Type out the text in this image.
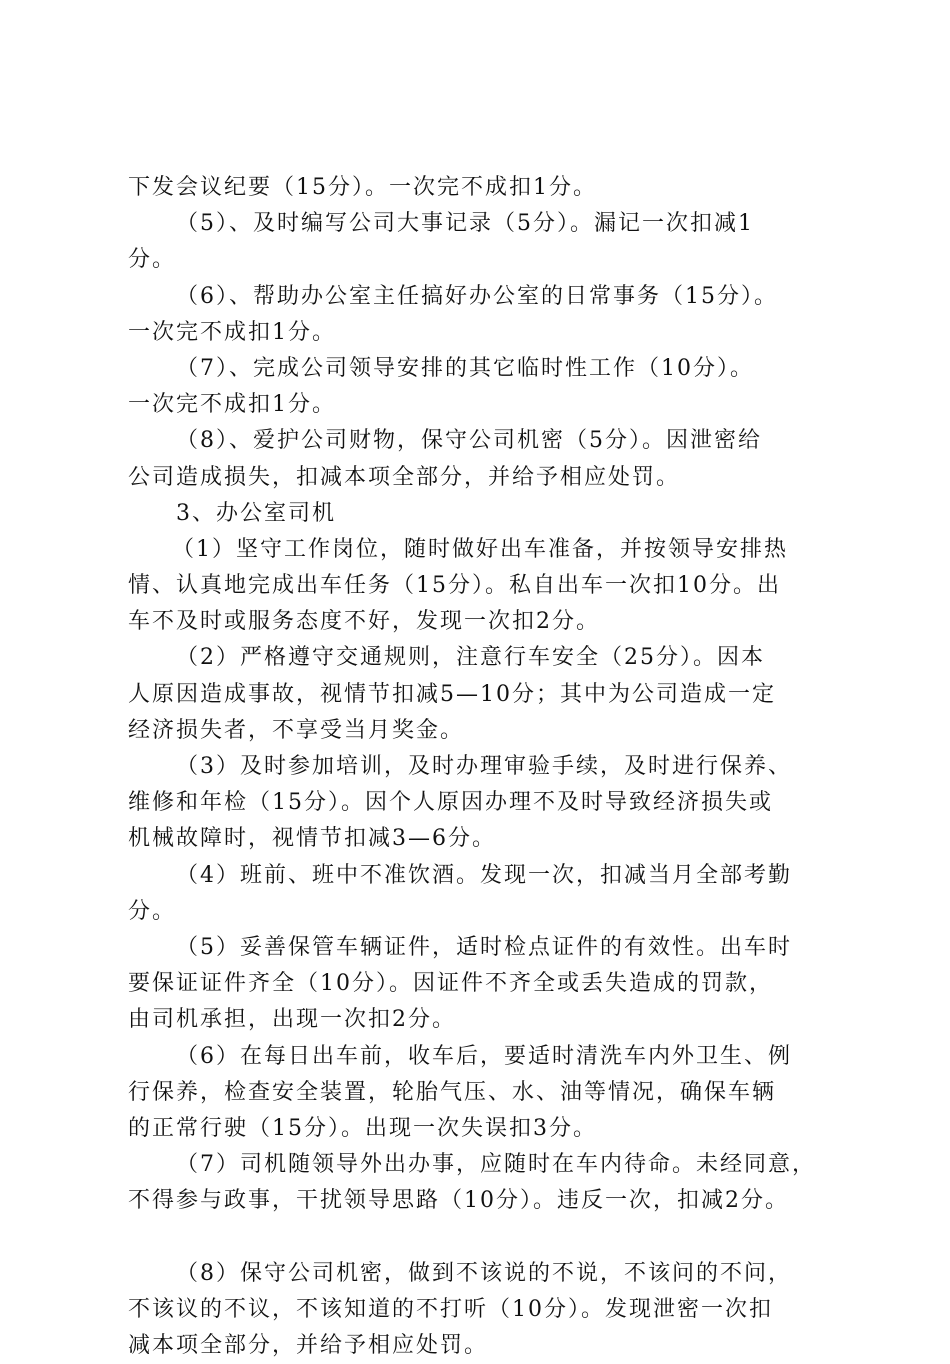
下发会议纪要（15分）。一次完不成扣1分。
（5）、及时编写公司大事记录（5分）。漏记一次扣减1
分。
（6）、帮助办公室主任搞好办公室的日常事务（15分）。
一次完不成扣1分。
（7）、完成公司领导安排的其它临时性工作（10分）。
一次完不成扣1分。
（8）、爱护公司财物，保守公司机密（5分）。因泄密给
公司造成损失，扣减本项全部分，并给予相应处罚。
3、办公室司机
（1）坚守工作岗位，随时做好出车准备，并按领导安排热
情、认真地完成出车任务（15分）。私自出车一次扣10分。出
车不及时或服务态度不好，发现一次扣2分。
（2）严格遵守交通规则，注意行车安全（25分）。因本
人原因造成事故，视情节扣减5—10分；其中为公司造成一定
经济损失者，不享受当月奖金。
（3）及时参加培训，及时办理审验手续，及时进行保养、
维修和年检（15分）。因个人原因办理不及时导致经济损失或
机械故障时，视情节扣减3—6分。
（4）班前、班中不准饮酒。发现一次，扣减当月全部考勤
分。
（5）妥善保管车辆证件，适时检点证件的有效性。出车时
要保证证件齐全（10分）。因证件不齐全或丢失造成的罚款，
由司机承担，出现一次扣2分。
（6）在每日出车前，收车后，要适时清洗车内外卫生、例
行保养，检查安全装置，轮胎气压、水、油等情况，确保车辆
的正常行驶（15分）。出现一次失误扣3分。
（7）司机随领导外出办事，应随时在车内待命。未经同意，
不得参与政事，干扰领导思路（10分）。违反一次，扣减2分。
（8）保守公司机密，做到不该说的不说，不该问的不问，
不该议的不议，不该知道的不打听（10分）。发现泄密一次扣
减本项全部分，并给予相应处罚。
